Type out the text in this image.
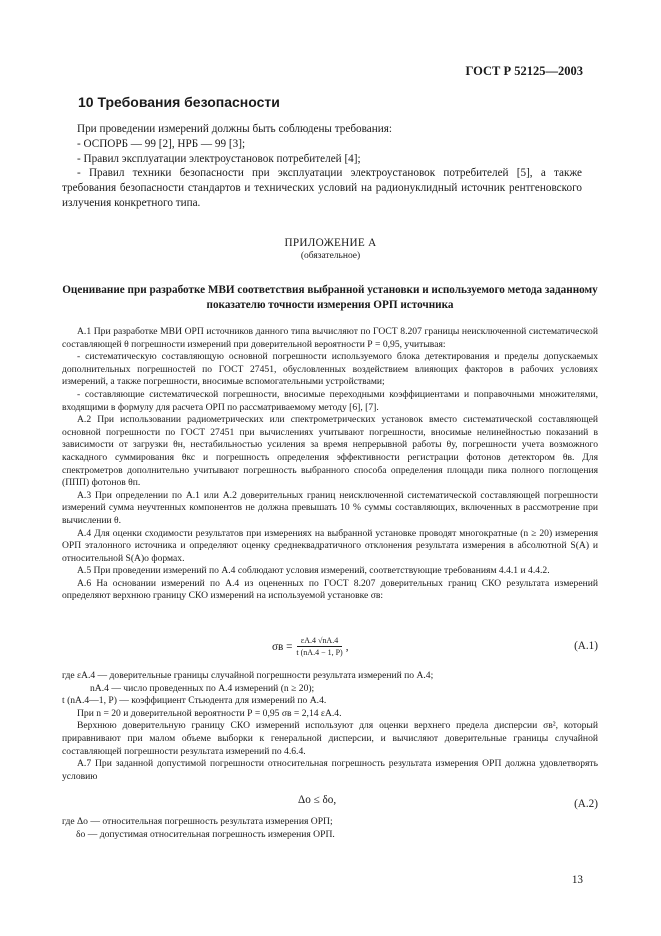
ГОСТ Р 52125—2003
10 Требования безопасности

При проведении измерений должны быть соблюдены требования:

- ОСПОРБ — 99 [2], НРБ — 99 [3];

- Правил эксплуатации электроустановок потребителей [4];

- Правил техники безопасности при эксплуатации электроустановок потребителей [5], а также требования безопасности стандартов и технических условий на радионуклидный источник рентгеновского излучения конкретного типа.

ПРИЛОЖЕНИЕ А
(обязательное)
Оценивание при разработке МВИ соответствия выбранной установки и используемого метода заданному показателю точности измерения ОРП источника

А.1 При разработке МВИ ОРП источников данного типа вычисляют по ГОСТ 8.207 границы неисключенной систематической составляющей θ погрешности измерений при доверительной вероятности Р = 0,95, учитывая:

- систематическую составляющую основной погрешности используемого блока детектирования и пределы допускаемых дополнительных погрешностей по ГОСТ 27451, обусловленных воздействием влияющих факторов в рабочих условиях измерений, а также погрешности, вносимые вспомогательными устройствами;

- составляющие систематической погрешности, вносимые переходными коэффициентами и поправочными множителями, входящими в формулу для расчета ОРП по рассматриваемому методу [6], [7].

А.2 При использовании радиометрических или спектрометрических установок вместо систематической составляющей основной погрешности по ГОСТ 27451 при вычислениях учитывают погрешности, вносимые нелинейностью показаний в зависимости от загрузки θн, нестабильностью усиления за время непрерывной работы θу, погрешности учета возможного каскадного суммирования θкс и погрешность определения эффективности регистрации фотонов детектором θв. Для спектрометров дополнительно учитывают погрешность выбранного способа определения площади пика полного поглощения (ППП) фотонов θп.

А.3 При определении по А.1 или А.2 доверительных границ неисключенной систематической составляющей погрешности измерений сумма неучтенных компонентов не должна превышать 10 % суммы составляющих, включенных в рассмотрение при вычислении θ.

А.4 Для оценки сходимости результатов при измерениях на выбранной установке проводят многократные (n ≥ 20) измерения ОРП эталонного источника и определяют оценку среднеквадратичного отклонения результата измерения в абсолютной S(A) и относительной S(A)o формах.

А.5 При проведении измерений по А.4 соблюдают условия измерений, соответствующие требованиям 4.4.1 и 4.4.2.

А.6 На основании измерений по А.4 из оцененных по ГОСТ 8.207 доверительных границ СКО результата измерений определяют верхнюю границу СКО измерений на используемой установке σв:

$\sigma в = \frac{\varepsilon А.4 √nА.4}{t (nА.4 - 1, Р)}$ ,	(А.1)

где εА.4 — доверительные границы случайной погрешности результата измерений по А.4;

nА.4 — число проведенных по А.4 измерений (n ≥ 20);

t (nА.4—1, Р) — коэффициент Стьюдента для измерений по А.4.

При n = 20 и доверительной вероятности Р = 0,95 σв = 2,14 εА.4.

Верхнюю доверительную границу СКО измерений используют для оценки верхнего предела дисперсии σв², который приравнивают при малом объеме выборки к генеральной дисперсии, и вычисляют доверительные границы случайной составляющей погрешности результата измерений по 4.6.4.

А.7 При заданной допустимой погрешности относительная погрешность результата измерения ОРП должна удовлетворять условию

Δо ≤ δо,	(А.2)

где Δо — относительная погрешность результата измерения ОРП;

δо — допустимая относительная погрешность измерения ОРП.

13
